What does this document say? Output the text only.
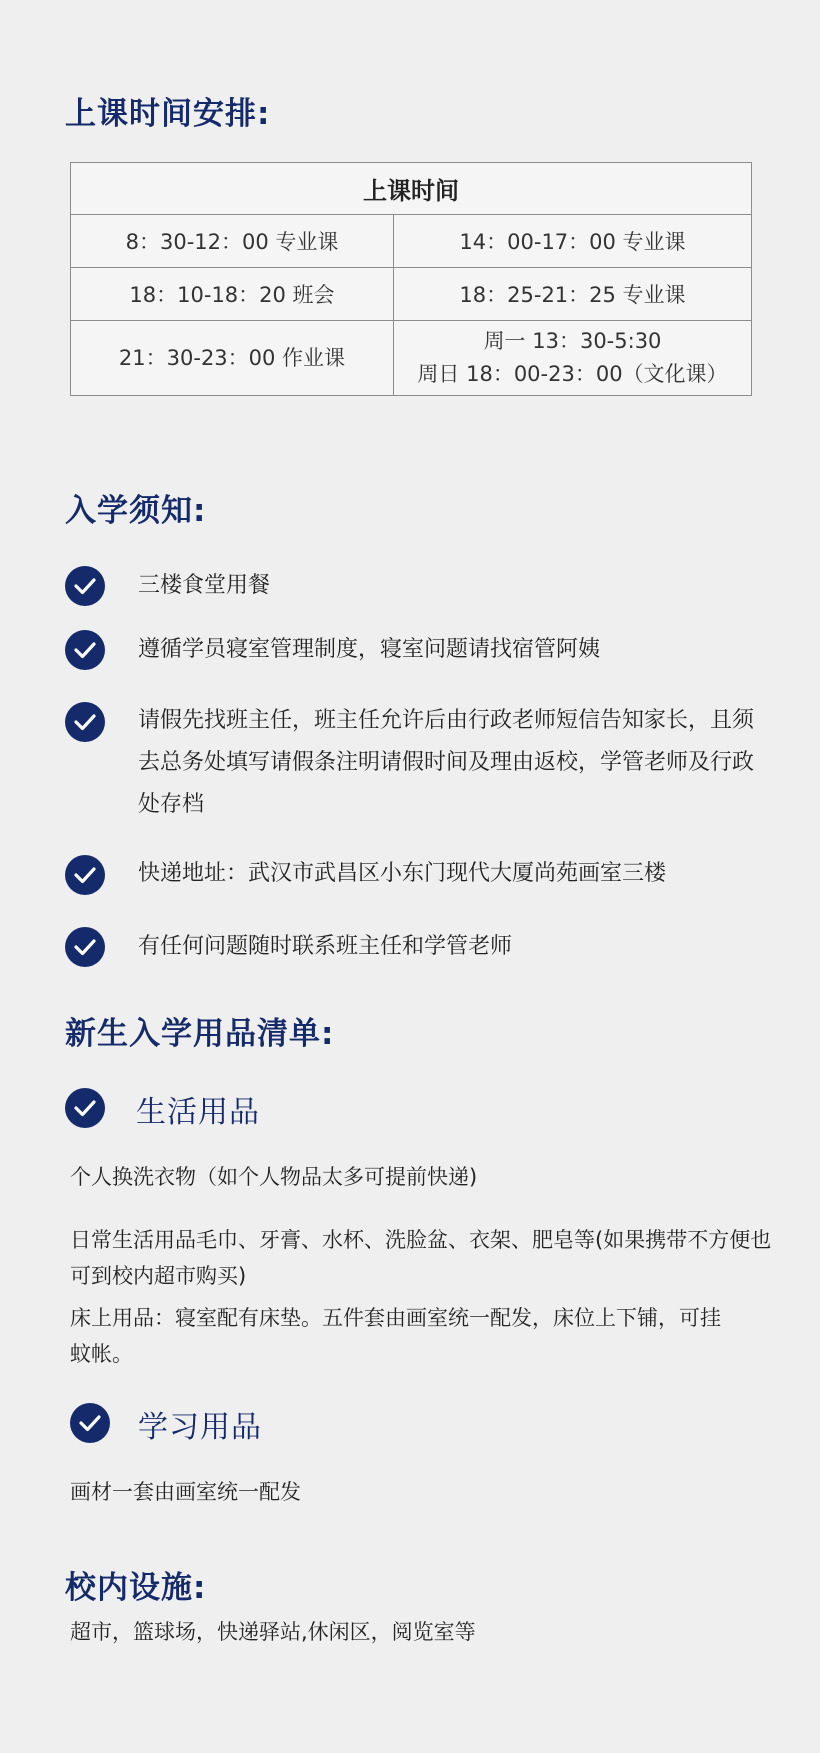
上课时间安排:
上课时间	
8：30-12：00 专业课	14：00-17：00 专业课
18：10-18：20 班会	18：25-21：25 专业课
21：30-23：00 作业课	周一 13：30-5:30
周日 18：00-23：00（文化课）
入学须知:
三楼食堂用餐
遵循学员寝室管理制度，寝室问题请找宿管阿姨
请假先找班主任，班主任允许后由行政老师短信告知家长，且须去总务处填写请假条注明请假时间及理由返校，学管老师及行政处存档
快递地址：武汉市武昌区小东门现代大厦尚苑画室三楼
有任何问题随时联系班主任和学管老师
新生入学用品清单:
生活用品
个人换洗衣物（如个人物品太多可提前快递)
日常生活用品毛巾、牙膏、水杯、洗脸盆、衣架、肥皂等(如果携带不方便也可到校内超市购买)
床上用品：寝室配有床垫。五件套由画室统一配发，床位上下铺，可挂蚊帐。
学习用品
画材一套由画室统一配发
校内设施:
超市，篮球场，快递驿站,休闲区，阅览室等
